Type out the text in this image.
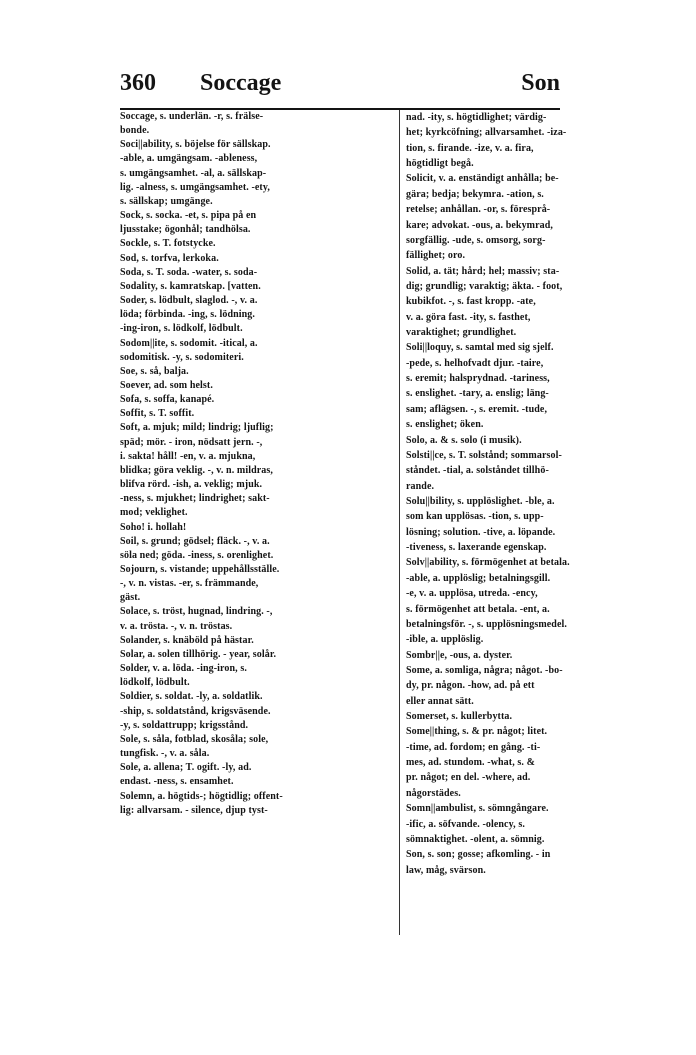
360 Soccage	Son
Soccage, s. underlän. -r, s. frälse-
bonde.
Soci||ability, s. böjelse för sällskap.
-able, a. umgängsam. -ableness,
s. umgängsamhet. -al, a. sällskap-
lig. -alness, s. umgängsamhet. -ety,
s. sällskap; umgänge.
Sock, s. socka. -et, s. pipa på en
ljusstake; ögonhål; tandhölsa.
Sockle, s. T. fotstycke.
Sod, s. torfva, lerkoka.
Soda, s. T. soda. -water, s. soda-
Sodality, s. kamratskap. [vatten.
Soder, s. lödbult, slaglod. -, v. a.
löda; förbinda. -ing, s. lödning.
-ing-iron, s. lödkolf, lödbult.
Sodom||ite, s. sodomit. -itical, a.
sodomitisk. -y, s. sodomiteri.
Soe, s. så, balja.
Soever, ad. som helst.
Sofa, s. soffa, kanapé.
Soffit, s. T. soffit.
Soft, a. mjuk; mild; lindrig; ljuflig;
späd; mör. - iron, nödsatt jern. -,
i. sakta! håll! -en, v. a. mjukna,
blidka; göra veklig. -, v. n. mildras,
blifva rörd. -ish, a. veklig; mjuk.
-ness, s. mjukhet; lindrighet; sakt-
mod; veklighet.
Soho! i. hollah!
Soil, s. grund; gödsel; fläck. -, v. a.
söla ned; göda. -iness, s. orenlighet.
Sojourn, s. vistande; uppehållsställe.
-, v. n. vistas. -er, s. främmande,
gäst.
Solace, s. tröst, hugnad, lindring. -,
v. a. trösta. -, v. n. tröstas.
Solander, s. knäböld på hästar.
Solar, a. solen tillhörig. - year, solår.
Solder, v. a. löda. -ing-iron, s.
lödkolf, lödbult.
Soldier, s. soldat. -ly, a. soldatlik.
-ship, s. soldatstånd, krigsväsende.
-y, s. soldattrupp; krigsstånd.
Sole, s. såla, fotblad, skosåla; sole,
tungfisk. -, v. a. såla.
Sole, a. allena; T. ogift. -ly, ad.
endast. -ness, s. ensamhet.
Solemn, a. högtids-; högtidlig; offent-
lig: allvarsam. - silence, djup tyst-
nad. -ity, s. högtidlighet; värdig-
het; kyrkcöfning; allvarsamhet. -iza-
tion, s. firande. -ize, v. a. fira,
högtidligt begå.
Solicit, v. a. enständigt anhålla; be-
gära; bedja; bekymra. -ation, s.
retelse; anhållan. -or, s. föresprå-
kare; advokat. -ous, a. bekymrad,
sorgfällig. -ude, s. omsorg, sorg-
fällighet; oro.
Solid, a. tät; hård; hel; massiv; sta-
dig; grundlig; varaktig; äkta. - foot,
kubikfot. -, s. fast kropp. -ate,
v. a. göra fast. -ity, s. fasthet,
varaktighet; grundlighet.
Soli||loquy, s. samtal med sig sjelf.
-pede, s. helhofvadt djur. -taire,
s. eremit; halsprydnad. -tariness,
s. enslighet. -tary, a. enslig; läng-
sam; aflägsen. -, s. eremit. -tude,
s. enslighet; öken.
Solo, a. & s. solo (i musik).
Solsti||ce, s. T. solstånd; sommarsol-
ståndet. -tial, a. solståndet tillhö-
rande.
Solu||bility, s. upplöslighet. -ble, a.
som kan upplösas. -tion, s. upp-
lösning; solution. -tive, a. löpande.
-tiveness, s. laxerande egenskap.
Solv||ability, s. förmögenhet at betala.
-able, a. upplöslig; betalningsgill.
-e, v. a. upplösa, utreda. -ency,
s. förmögenhet att betala. -ent, a.
betalningsför. -, s. upplösningsmedel.
-ible, a. upplöslig.
Sombr||e, -ous, a. dyster.
Some, a. somliga, några; något. -bo-
dy, pr. någon. -how, ad. på ett
eller annat sätt.
Somerset, s. kullerbytta.
Some||thing, s. & pr. något; litet.
-time, ad. fordom; en gång. -ti-
mes, ad. stundom. -what, s. &
pr. något; en del. -where, ad.
någorstädes.
Somn||ambulist, s. sömngångare.
-ific, a. söfvande. -olency, s.
sömnaktighet. -olent, a. sömnig.
Son, s. son; gosse; afkomling. - in
law, måg, svärson.
